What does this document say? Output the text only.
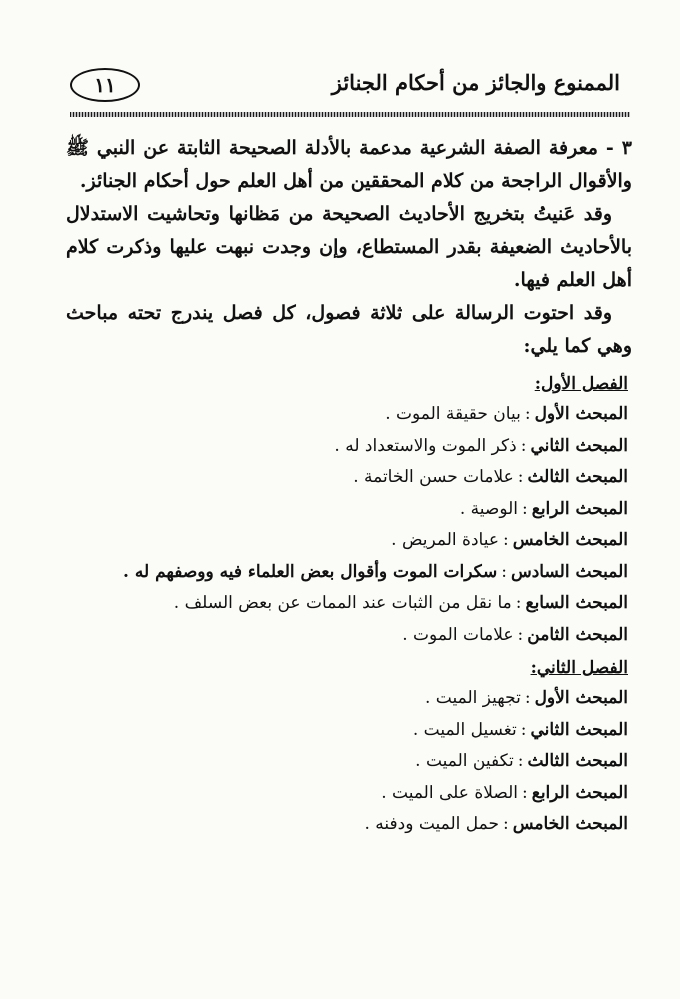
الممنوع والجائز من أحكام الجنائز
١١

٣ - معرفة الصفة الشرعية مدعمة بالأدلة الصحيحة الثابتة عن النبي ﷺ والأقوال الراجحة من كلام المحققين من أهل العلم حول أحكام الجنائز.

وقد عَنيتُ بتخريج الأحاديث الصحيحة من مَظانها وتحاشيت الاستدلال بالأحاديث الضعيفة بقدر المستطاع، وإن وجدت نبهت عليها وذكرت كلام أهل العلم فيها.

وقد احتوت الرسالة على ثلاثة فصول، كل فصل يندرج تحته مباحث وهي كما يلي:

الفصل الأول:
المبحث الأول:بيان حقيقة الموت .
المبحث الثاني:ذكر الموت والاستعداد له .
المبحث الثالث:علامات حسن الخاتمة .
المبحث الرابع:الوصية .
المبحث الخامس:عيادة المريض .
المبحث السادس:سكرات الموت وأقوال بعض العلماء فيه ووصفهم له .
المبحث السابع:ما نقل من الثبات عند الممات عن بعض السلف .
المبحث الثامن:علامات الموت .
الفصل الثاني:
المبحث الأول:تجهيز الميت .
المبحث الثاني:تغسيل الميت .
المبحث الثالث:تكفين الميت .
المبحث الرابع:الصلاة على الميت .
المبحث الخامس:حمل الميت ودفنه .
